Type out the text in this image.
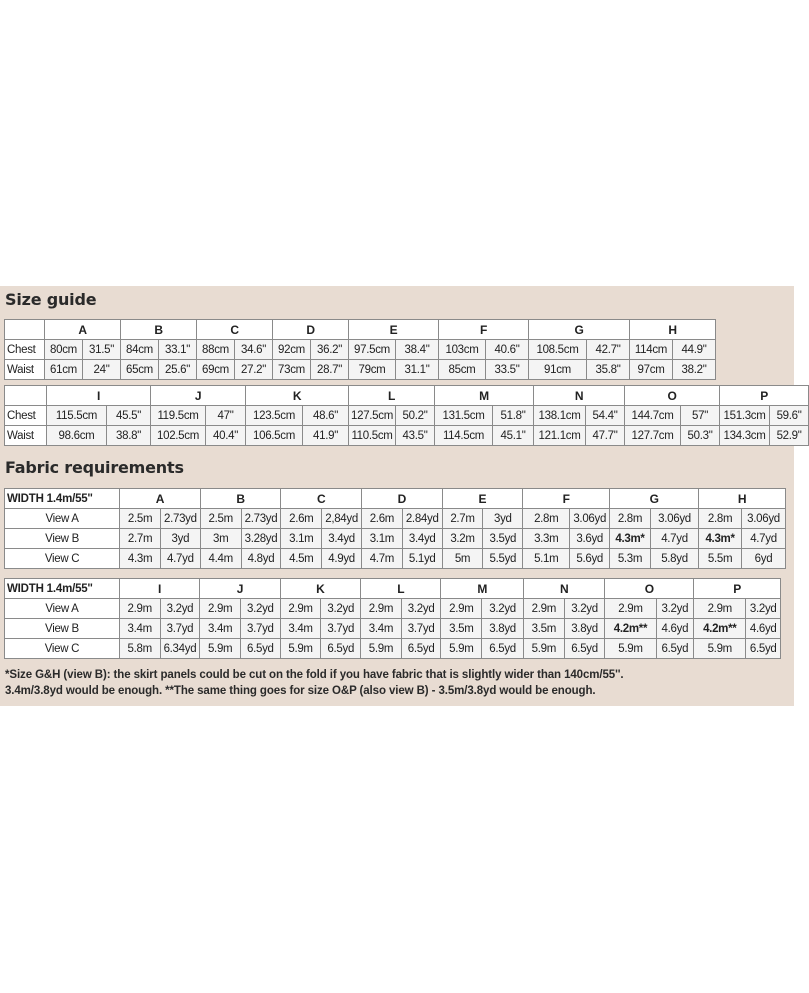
Size guide
	A		B		C		D		E		F		G		H	
Chest	80cm	31.5"	84cm	33.1"	88cm	34.6"	92cm	36.2"	97.5cm	38.4"	103cm	40.6"	108.5cm	42.7"	114cm	44.9"
Waist	61cm	24"	65cm	25.6"	69cm	27.2"	73cm	28.7"	79cm	31.1"	85cm	33.5"	91cm	35.8"	97cm	38.2"
	I		J		K		L		M		N		O		P	
Chest	115.5cm	45.5"	119.5cm	47"	123.5cm	48.6"	127.5cm	50.2"	131.5cm	51.8"	138.1cm	54.4"	144.7cm	57"	151.3cm	59.6"
Waist	98.6cm	38.8"	102.5cm	40.4"	106.5cm	41.9"	110.5cm	43.5"	114.5cm	45.1"	121.1cm	47.7"	127.7cm	50.3"	134.3cm	52.9"
Fabric requirements
WIDTH 1.4m/55''	A		B		C		D		E		F		G		H	
View A	2.5m	2.73yd	2.5m	2.73yd	2.6m	2,84yd	2.6m	2.84yd	2.7m	3yd	2.8m	3.06yd	2.8m	3.06yd	2.8m	3.06yd
View B	2.7m	3yd	3m	3.28yd	3.1m	3.4yd	3.1m	3.4yd	3.2m	3.5yd	3.3m	3.6yd	4.3m*	4.7yd	4.3m*	4.7yd
View C	4.3m	4.7yd	4.4m	4.8yd	4.5m	4.9yd	4.7m	5.1yd	5m	5.5yd	5.1m	5.6yd	5.3m	5.8yd	5.5m	6yd
WIDTH 1.4m/55''	I		J		K		L		M		N		O		P	
View A	2.9m	3.2yd	2.9m	3.2yd	2.9m	3.2yd	2.9m	3.2yd	2.9m	3.2yd	2.9m	3.2yd	2.9m	3.2yd	2.9m	3.2yd
View B	3.4m	3.7yd	3.4m	3.7yd	3.4m	3.7yd	3.4m	3.7yd	3.5m	3.8yd	3.5m	3.8yd	4.2m**	4.6yd	4.2m**	4.6yd
View C	5.8m	6.34yd	5.9m	6.5yd	5.9m	6.5yd	5.9m	6.5yd	5.9m	6.5yd	5.9m	6.5yd	5.9m	6.5yd	5.9m	6.5yd
*Size G&H (view B): the skirt panels could be cut on the fold if you have fabric that is slightly wider than 140cm/55''.
3.4m/3.8yd would be enough. **The same thing goes for size O&P (also view B) - 3.5m/3.8yd would be enough.
